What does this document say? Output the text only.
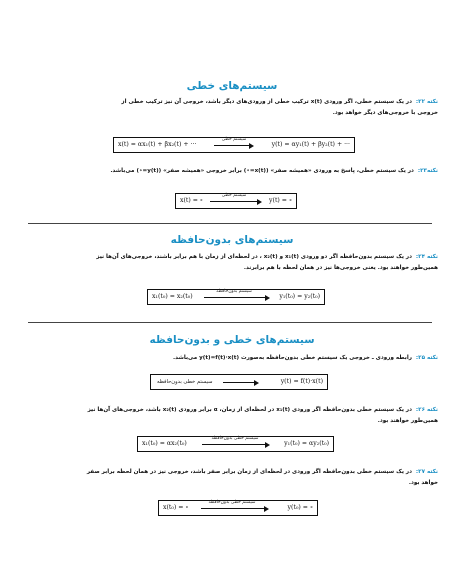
سیستم‌های خطی
نکته ۲۲: در یک سیستم خطی، اگر ورودی (t)x ترکیب خطی از ورودی‌های دیگر باشد، خروجی آن نیز ترکیب خطی از
خروجی‌ با خروجی‌های دیگر خواهد بود.
x(t) = αx₁(t) + βx₂(t) + ···
سیستم خطی
y(t) = αy₁(t) + βy₂(t) + ···
نکته۲۳: در یک سیستم خطی، پاسخ به ورودی «همیشه صفر» (x(t)=∘) برابر خروجی «همیشه صفر» (y(t)=∘) می‌باشد.
x(t) = ∘
سیستم خطی
y(t) = ∘
سیستم‌های بدون‌حافظه
نکته ۲۴: در یک سیستم بدون‌حافظه اگر دو ورودی (t)x₁ و (t)x₂ ، در لحظه‌ای از زمان با هم برابر باشند، خروجی‌های آن‌ها نیز
همین‌طور خواهند بود. یعنی خروجی‌ها نیز در همان لحظه با هم برابرند.
x₁(t₀) = x₂(t₀)
سیستم بدون‌حافظه
y₁(t₀) = y₂(t₀)
سیستم‌های خطی و بدون‌حافظه
نکته ۲۵: رابطه ورودی ـ خروجی یک سیستم خطی بدون‌حافظه به‌صورت y(t)=f(t)·x(t) می‌باشد.
سیستم خطی بدون‌حافظه	y(t) = f(t)·x(t)
نکته ۲۶: در یک سیستم خطی بدون‌حافظه اگر ورودی (t)x₁ در لحظه‌ای از زمان، α برابر ورودی (t)x₂ باشد، خروجی‌های آن‌ها نیز
همین‌طور خواهند بود.
x₁(t₀) = αx₂(t₀)
سیستم خطی بدون‌حافظه
y₁(t₀) = αy₂(t₀)
نکته ۲۷: در یک سیستم خطی بدون‌حافظه اگر ورودی در لحظه‌ای از زمان برابر صفر باشد، خروجی نیز در همان لحظه برابر صفر
خواهد بود.
x(t₀) = ∘
سیستم خطی بدون‌حافظه
y(t₀) = ∘
